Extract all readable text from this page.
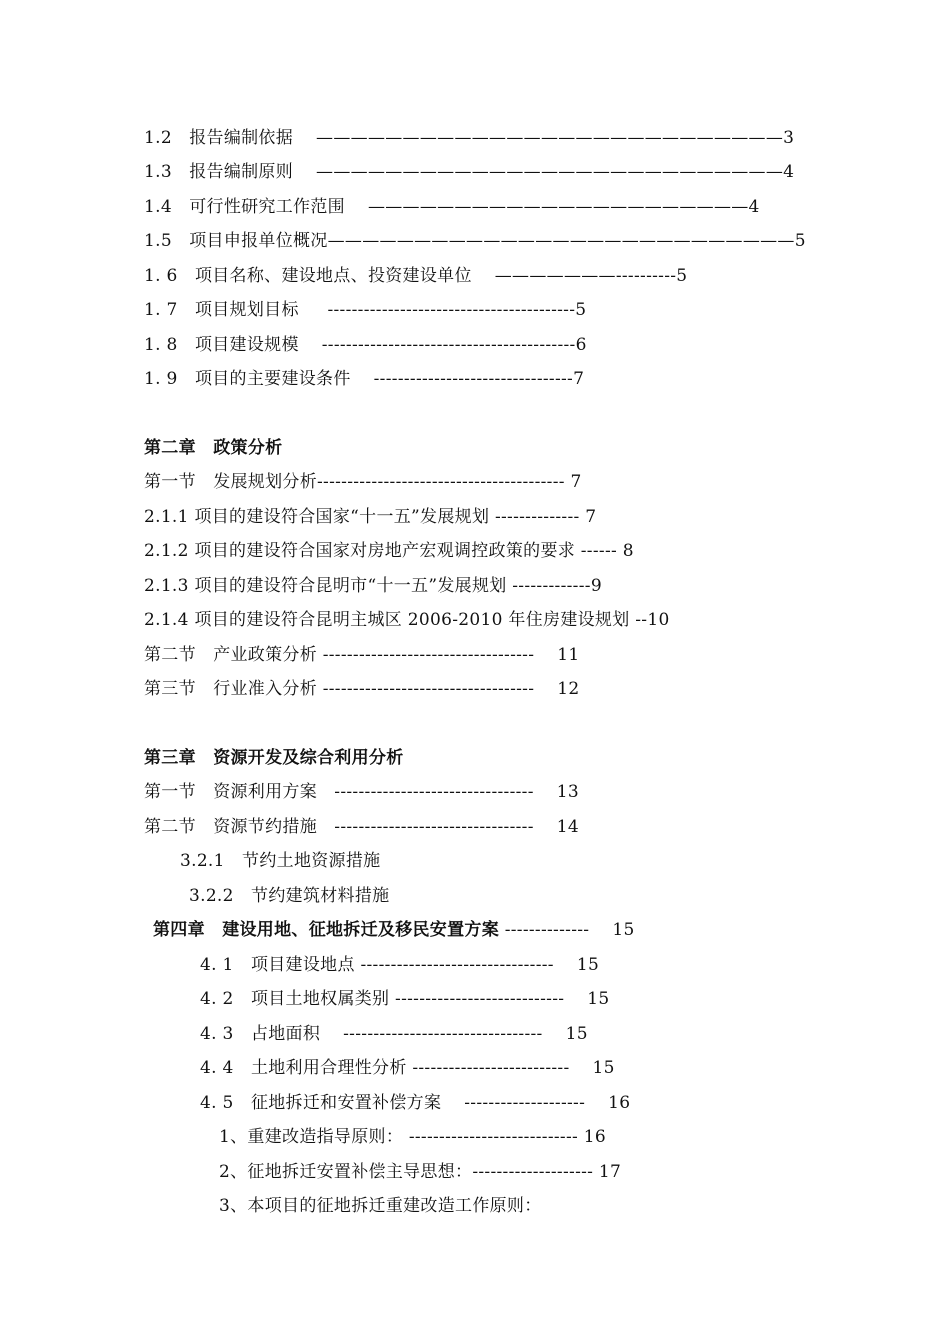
1.2　报告编制依据　 ———————————————————————————3
1.3　报告编制原则　 ———————————————————————————4
1.4　可行性研究工作范围　 ——————————————————————4
1.5　项目申报单位概况———————————————————————————5
1. 6　项目名称、建设地点、投资建设单位　 ———————----------5
1. 7　项目规划目标　  -----------------------------------------5
1. 8　项目建设规模　 ------------------------------------------6
1. 9　项目的主要建设条件　 ---------------------------------7
第二章　政策分析
第一节　发展规划分析----------------------------------------- 7
2.1.1 项目的建设符合国家“十一五”发展规划 -------------- 7
2.1.2 项目的建设符合国家对房地产宏观调控政策的要求 ------ 8
2.1.3 项目的建设符合昆明市“十一五”发展规划 -------------9
2.1.4 项目的建设符合昆明主城区 2006-2010 年住房建设规划 --10
第二节　产业政策分析 -----------------------------------　 11
第三节　行业准入分析 -----------------------------------　 12
第三章　资源开发及综合利用分析
第一节　资源利用方案　---------------------------------　 13
第二节　资源节约措施　---------------------------------　 14
3.2.1　节约土地资源措施
3.2.2　节约建筑材料措施
第四章　建设用地、征地拆迁及移民安置方案 --------------　 15
4. 1　项目建设地点 --------------------------------　 15
4. 2　项目土地权属类别 ----------------------------　 15
4. 3　占地面积　 ---------------------------------　 15
4. 4　土地利用合理性分析 --------------------------　 15
4. 5　征地拆迁和安置补偿方案　 --------------------　 16
1、重建改造指导原则： ---------------------------- 16
2、征地拆迁安置补偿主导思想：-------------------- 17
3、本项目的征地拆迁重建改造工作原则：
